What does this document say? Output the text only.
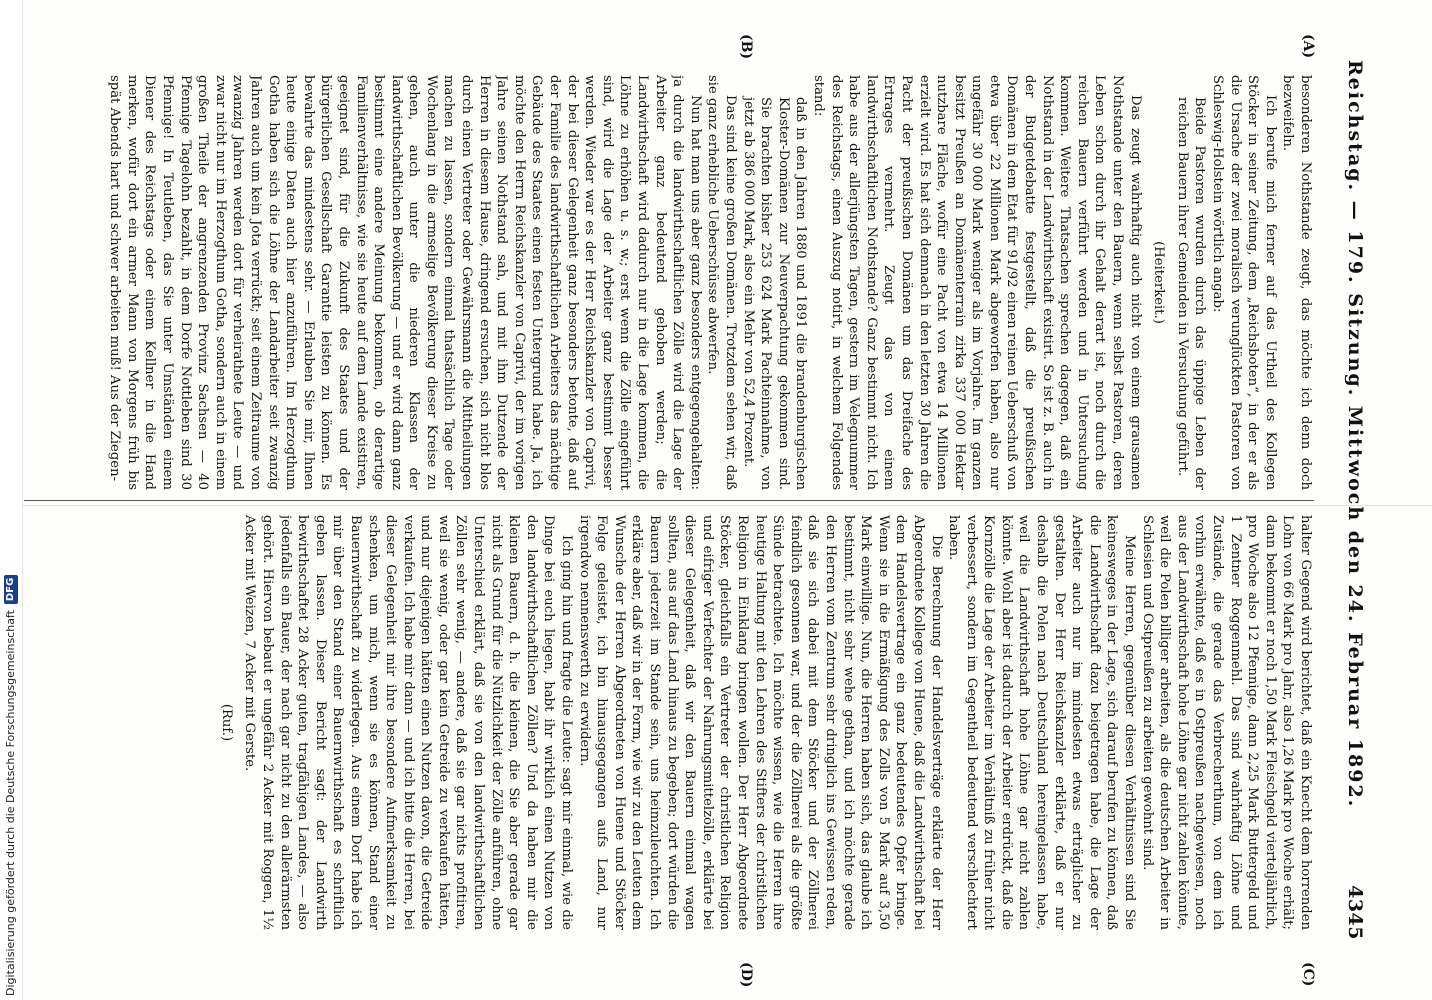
Reichstag. — 179. Sitzung. Mittwoch den 24. Februar 1892.
4345
(A)
(B)
(C)
(D)

besonderen Nothstande zeugt, das möchte ich denn doch bezweifeln.

Ich berufe mich ferner auf das Urtheil des Kollegen Stöcker in seiner Zeitung, dem „Reichsboten“, in der er als die Ursache der zwei moralisch verunglückten Pastoren von Schleswig-Holstein wörtlich angab:

Beide Pastoren wurden durch das üppige Leben der reichen Bauern ihrer Gemeinden in Versuchung geführt.

(Heiterkeit.)

Das zeugt wahrhaftig auch nicht von einem grausamen Nothstande unter den Bauern, wenn selbst Pastoren, deren Leben schon durch ihr Gehalt derart ist, noch durch die reichen Bauern verführt werden und in Untersuchung kommen. Weitere Thatsachen sprechen dagegen, daß ein Nothstand in der Landwirthschaft existirt. So ist z. B. auch in der Budgetdebatte festgestellt, daß die preußischen Domänen in dem Etat für 91/92 einen reinen Ueberschuß von etwa über 22 Millionen Mark abgeworfen haben, also nur ungefähr 30 000 Mark weniger als im Vorjahre. Im ganzen besitzt Preußen an Domänenterrain zirka 337 000 Hektar nutzbare Fläche, wofür eine Pacht von etwa 14 Millionen erzielt wird. Es hat sich demnach in den letzten 30 Jahren die Pacht der preußischen Domänen um das Dreifache des Ertrages vermehrt. Zeugt das von einem landwirthschaftlichen Nothstande? Ganz bestimmt nicht. Ich habe aus der allerjüngsten Tagen, gestern im Velegnummer des Reichstags, einen Auszug notirt, in welchem Folgendes stand:

daß in den Jahren 1880 und 1891 die brandenburgischen Kloster-Domänen zur Neuverpachtung gekommen sind. Sie brachten bisher 253 624 Mark Pachteinnahme, von jetzt ab 386 000 Mark, also ein Mehr von 52,4 Prozent.

Das sind keine großen Domänen. Trotzdem sehen wir, daß sie ganz erhebliche Ueberschüsse abwerfen.

Nun hat man uns aber ganz besonders entgegengehalten: ja durch die landwirthschaftlichen Zölle wird die Lage der Arbeiter ganz bedeutend gehoben werden; die Landwirthschaft wird dadurch nur in die Lage kommen, die Löhne zu erhöhen u. s. w.; erst wenn die Zölle eingeführt sind, wird die Lage der Arbeiter ganz bestimmt besser werden. Wieder war es der Herr Reichskanzler von Caprivi, der bei dieser Gelegenheit ganz besonders betonte, daß auf der Familie des landwirthschaftlichen Arbeiters das mächtige Gebäude des Staates einen festen Untergrund habe. Ja, ich möchte den Herrn Reichskanzler von Caprivi, der im vorigen Jahre seinen Nothstand sah, und mit ihm Dutzende der Herren in diesem Hause, dringend ersuchen, sich nicht blos durch einen Vertreter oder Gewährsmann die Mittheilungen machen zu lassen, sondern einmal thatsächlich Tage oder Wochenlang in die armselige Bevölkerung dieser Kreise zu gehen, auch unter die niederen Klassen der landwirthschaftlichen Bevölkerung — und er wird dann ganz bestimmt eine andere Meinung bekommen, ob derartige Familienverhältnisse, wie sie heute auf dem Lande existiren, geeignet sind, für die Zukunft des Staates und der bürgerlichen Gesellschaft Garantie leisten zu können. Es bewahrte das mindestens sehr. — Erlauben Sie mir, Ihnen heute einige Daten auch hier anzuführen. Im Herzogthum Gotha haben sich die Löhne der Landarbeiter seit zwanzig Jahren auch um kein Jota verrückt; seit einem Zeitraume von zwanzig Jahren werden dort für verheirathete Leute — und zwar nicht nur im Herzogthum Gotha, sondern auch in einem großen Theile der angrenzenden Provinz Sachsen — 40 Pfennige Tagelohn bezahlt, in dem Dorfe Nottleben sind 30 Pfennige! In Teutleben, das Sie unter Umständen einem Diener des Reichstags oder einem Kellner in die Hand merken, wofür dort ein armer Mann von Morgens früh bis spät Abends hart und schwer arbeiten muß! Aus der Ziegen-

halter Gegend wird berichtet, daß ein Knecht dem horrenden Lohn von 66 Mark pro Jahr, also 1,26 Mark pro Woche erhält; dann bekommt er noch 1,50 Mark Fleischgeld vierteljährlich, pro Woche also 12 Pfennige, dann 2,25 Mark Buttergeld und 1 Zentner Roggenmehl. Das sind wahrhaftig Löhne und Zustände, die gerade das Verbrecherthum, von dem ich vorhin erwähnte, daß es in Ostpreußen nachgewiesen, noch aus der Landwirthschaft hohe Löhne gar nicht zahlen könnte, weil die Polen billiger arbeiten, als die deutschen Arbeiter in Schlesien und Ostpreußen zu arbeiten gewohnt sind.

Meine Herren, gegenüber diesen Verhältnissen sind Sie keinesweges in der Lage, sich darauf berufen zu können, daß die Landwirthschaft dazu beigetragen habe, die Lage der Arbeiter auch nur im mindesten etwas erträglicher zu gestalten. Der Herr Reichskanzler erklärte, daß er nur deshalb die Polen nach Deutschland hereingelassen habe, weil die Landwirthschaft hohe Löhne gar nicht zahlen könnte. Wohl aber ist dadurch der Arbeiter erdrückt, daß die Kornzölle die Lage der Arbeiter im Verhältniß zu früher nicht verbessert, sondern im Gegentheil bedeutend verschlechtert haben.

Die Berechnung der Handelsverträge erklärte der Herr Abgeordnete Kollege von Huene, daß die Landwirthschaft bei dem Handelsvertrage ein ganz bedeutendes Opfer bringe. Wenn sie in die Ermäßigung des Zolls von 5 Mark auf 3,50 Mark einwillige. Nun, die Herren haben sich, das glaube ich bestimmt, nicht sehr wehe gethan, und ich möchte gerade den Herren vom Zentrum sehr dringlich ins Gewissen reden, daß sie sich dabei mit dem Stöcker und der Zöllnerei feindlich gesonnen war, und der die Zöllnerei als die größte Sünde betrachtete. Ich möchte wissen, wie die Herren ihre heutige Haltung mit den Lehren des Stifters der christlichen Religion in Einklang bringen wollen. Der Herr Abgeordnete Stöcker, gleichfalls ein Vertreter der christlichen Religion und eifriger Verfechter der Nahrungsmittelzölle, erklärte bei dieser Gelegenheit, daß wir den Bauern einmal wagen sollten, aus auf das Land hinaus zu begeben; dort würden die Bauern jederzeit im Stande sein, uns heimzuleuchten. Ich erkläre aber, daß wir in der Form, wie wir zu den Leuten dem Wunsche der Herren Abgeordneten von Huene und Stöcker Folge geleistet, ich bin hinausgegangen aufs Land, nur irgendwo nennenswerth zu erwidern.

Ich ging hin und fragte die Leute: sagt mir einmal, wie die Dinge bei euch liegen, habt ihr wirklich einen Nutzen von den landwirthschaftlichen Zöllen? Und da haben mir die kleinen Bauern, d. h. die kleinen, die Sie aber gerade gar nicht als Grund für die Nützlichkeit der Zölle anführen, ohne Unterschied erklärt, daß sie von den landwirthschaftlichen Zöllen sehr wenig, — andere, daß sie gar nichts profitiren, weil sie wenig, oder gar kein Getreide zu verkaufen hätten, und nur diejenigen hätten einen Nutzen davon, die Getreide verkaufen. Ich habe mir dann — und ich bitte die Herren, bei dieser Gelegenheit mir ihre besondere Aufmerksamkeit zu schenken, um mich, wenn sie es können, Stand einer Bauernwirthschaft zu widerlegen. Aus einem Dorf habe ich mir über den Stand einer Bauernwirthschaft es schriftlich geben lassen. Dieser Bericht sagt: der Landwirth bewirthschaftet 28 Acker guten, tragfähigen Landes, — also jedenfalls ein Bauer, der nach gar nicht zu den allerärmsten gehört. Hiervon bebaut er ungefähr 2 Acker mit Roggen, 1½ Acker mit Weizen, 7 Acker mit Gerste.

(Ruf.)

Digitalisierung gefördert durch die Deutsche Forschungsgemeinschaft
DFG
